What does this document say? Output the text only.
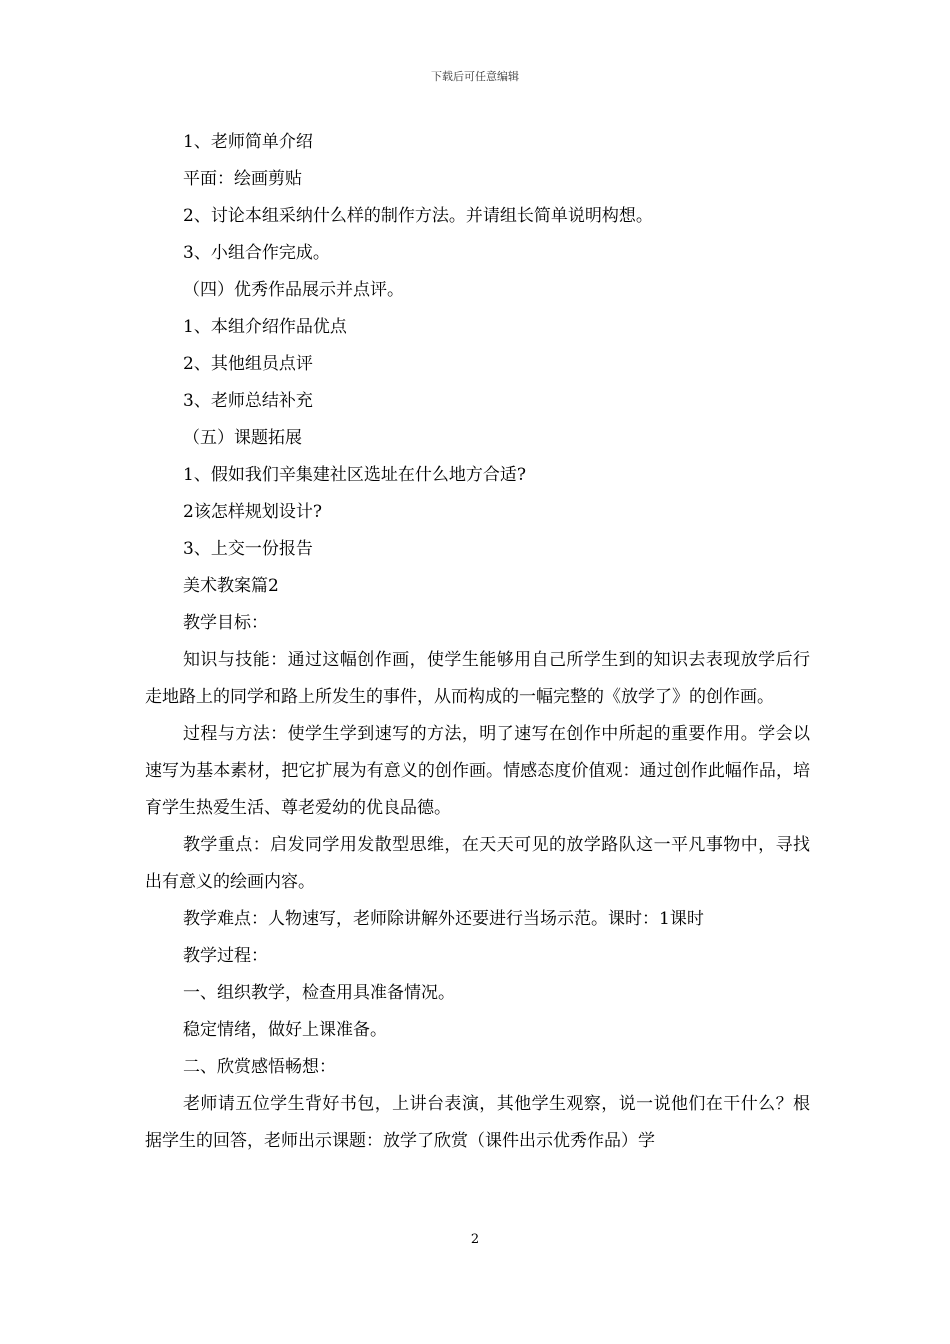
下载后可任意编辑
1、老师简单介绍
平面：绘画剪贴
2、讨论本组采纳什么样的制作方法。并请组长简单说明构想。
3、小组合作完成。
（四）优秀作品展示并点评。
1、本组介绍作品优点
2、其他组员点评
3、老师总结补充
（五）课题拓展
1、假如我们辛集建社区选址在什么地方合适?
2该怎样规划设计?
3、上交一份报告
美术教案篇2
教学目标：
知识与技能：通过这幅创作画，使学生能够用自己所学生到的知识去表现放学后行走地路上的同学和路上所发生的事件，从而构成的一幅完整的《放学了》的创作画。
过程与方法：使学生学到速写的方法，明了速写在创作中所起的重要作用。学会以速写为基本素材，把它扩展为有意义的创作画。情感态度价值观：通过创作此幅作品，培育学生热爱生活、尊老爱幼的优良品德。
教学重点：启发同学用发散型思维，在天天可见的放学路队这一平凡事物中，寻找出有意义的绘画内容。
教学难点：人物速写，老师除讲解外还要进行当场示范。课时：1课时
教学过程：
一、组织教学，检查用具准备情况。
稳定情绪，做好上课准备。
二、欣赏感悟畅想：
老师请五位学生背好书包，上讲台表演，其他学生观察，说一说他们在干什么？根据学生的回答，老师出示课题：放学了欣赏（课件出示优秀作品）学
2
